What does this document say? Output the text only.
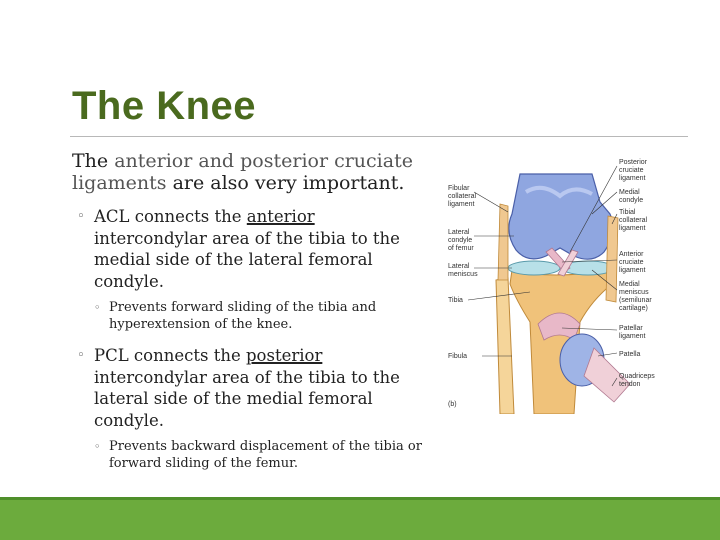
The Knee

The anterior and posterior cruciate ligaments are also very important.

◦ ACL connects the anterior intercondylar area of the tibia to the medial side of the lateral femoral condyle.
◦ Prevents forward sliding of the tibia and hyperextension of the knee.
◦ PCL connects the posterior intercondylar area of the tibia to the lateral side of the medial femoral condyle.
◦ Prevents backward displacement of the tibia or forward sliding of the femur.
Fibular
collateral
ligament
Lateral
condyle
of femur
Lateral
meniscus
Tibia
Fibula
(b)
Posterior
cruciate
ligament
Medial
condyle
Tibial
collateral
ligament
Anterior
cruciate
ligament
Medial
meniscus
(semilunar
cartilage)
Patellar
ligament
Patella
Quadriceps
tendon
